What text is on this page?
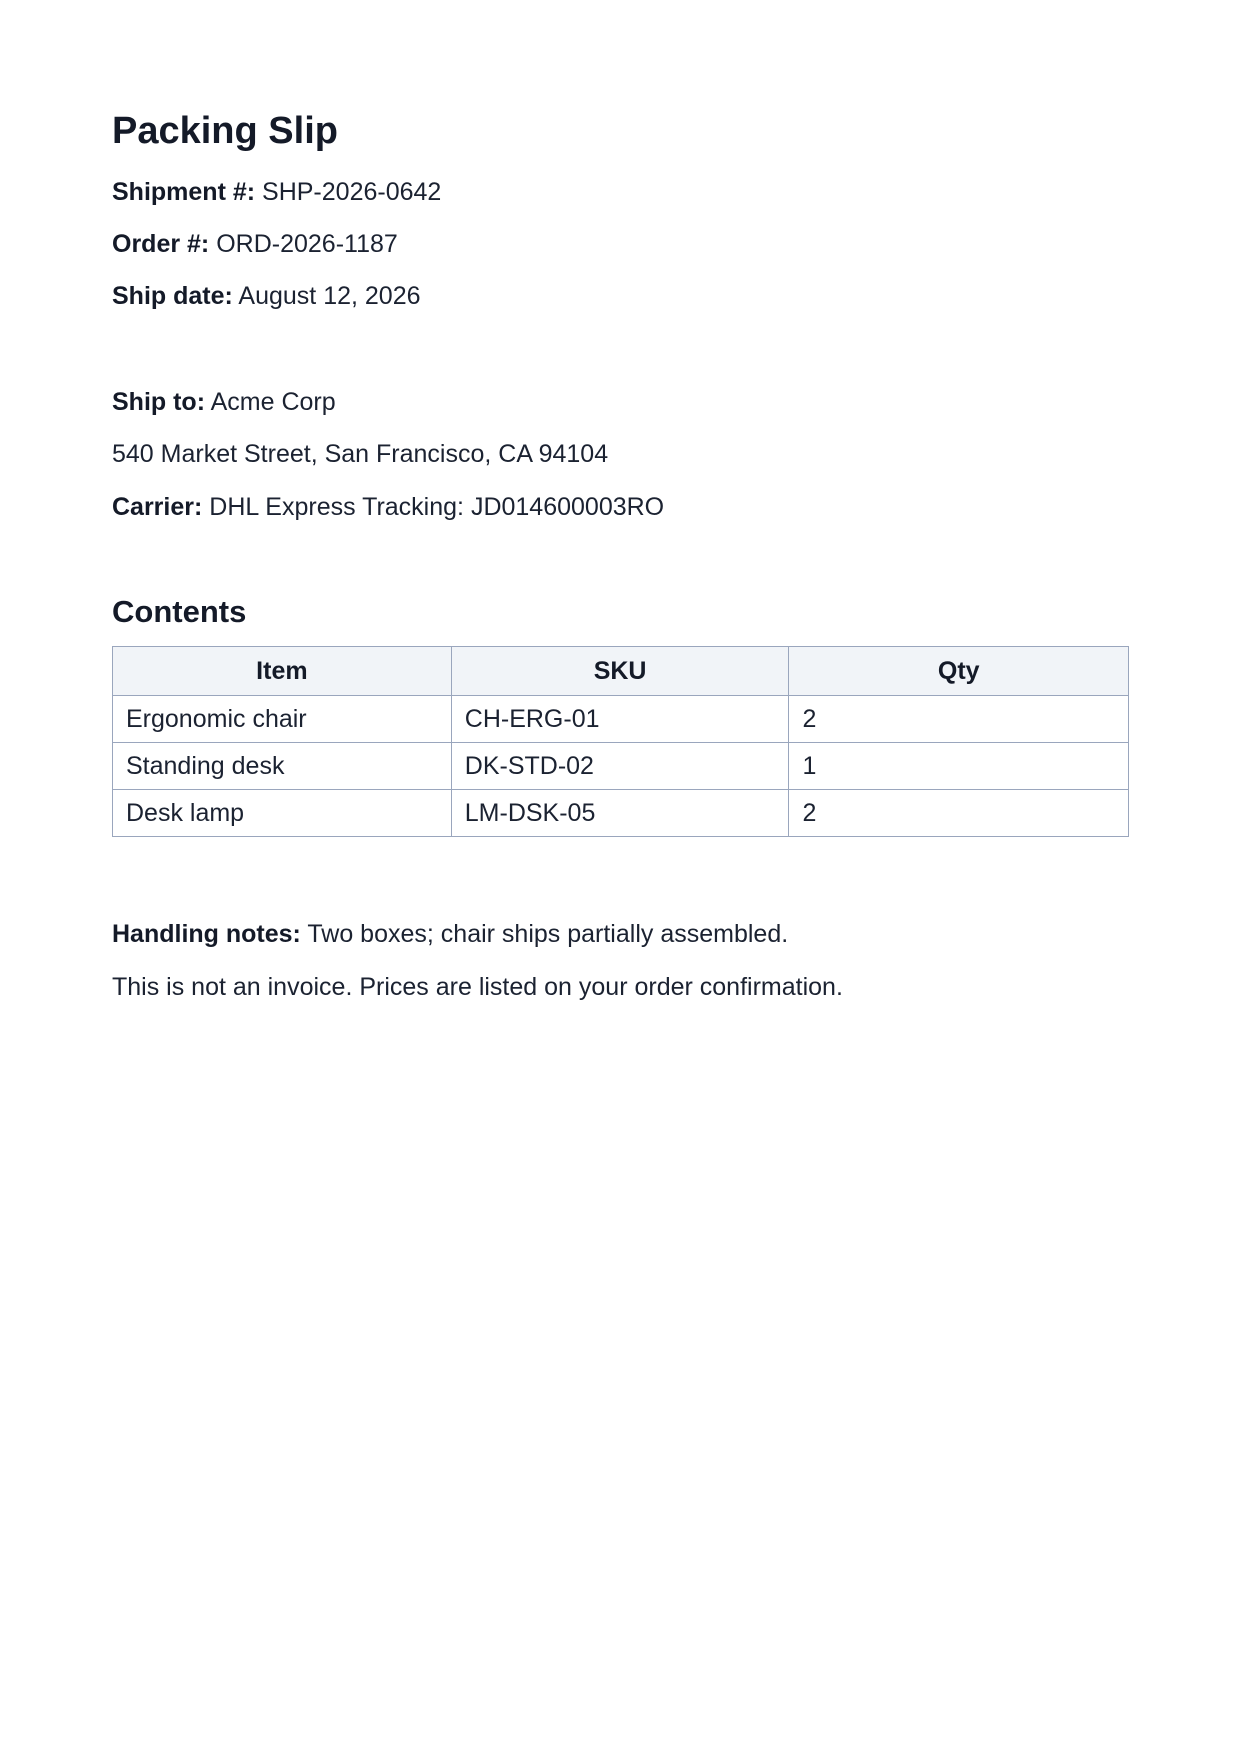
Packing Slip

Shipment #: SHP-2026-0642

Order #: ORD-2026-1187

Ship date: August 12, 2026

Ship to: Acme Corp

540 Market Street, San Francisco, CA 94104

Carrier: DHL Express Tracking: JD014600003RO

Contents
Item	SKU	Qty
Ergonomic chair	CH-ERG-01	2
Standing desk	DK-STD-02	1
Desk lamp	LM-DSK-05	2

Handling notes: Two boxes; chair ships partially assembled.

This is not an invoice. Prices are listed on your order confirmation.
